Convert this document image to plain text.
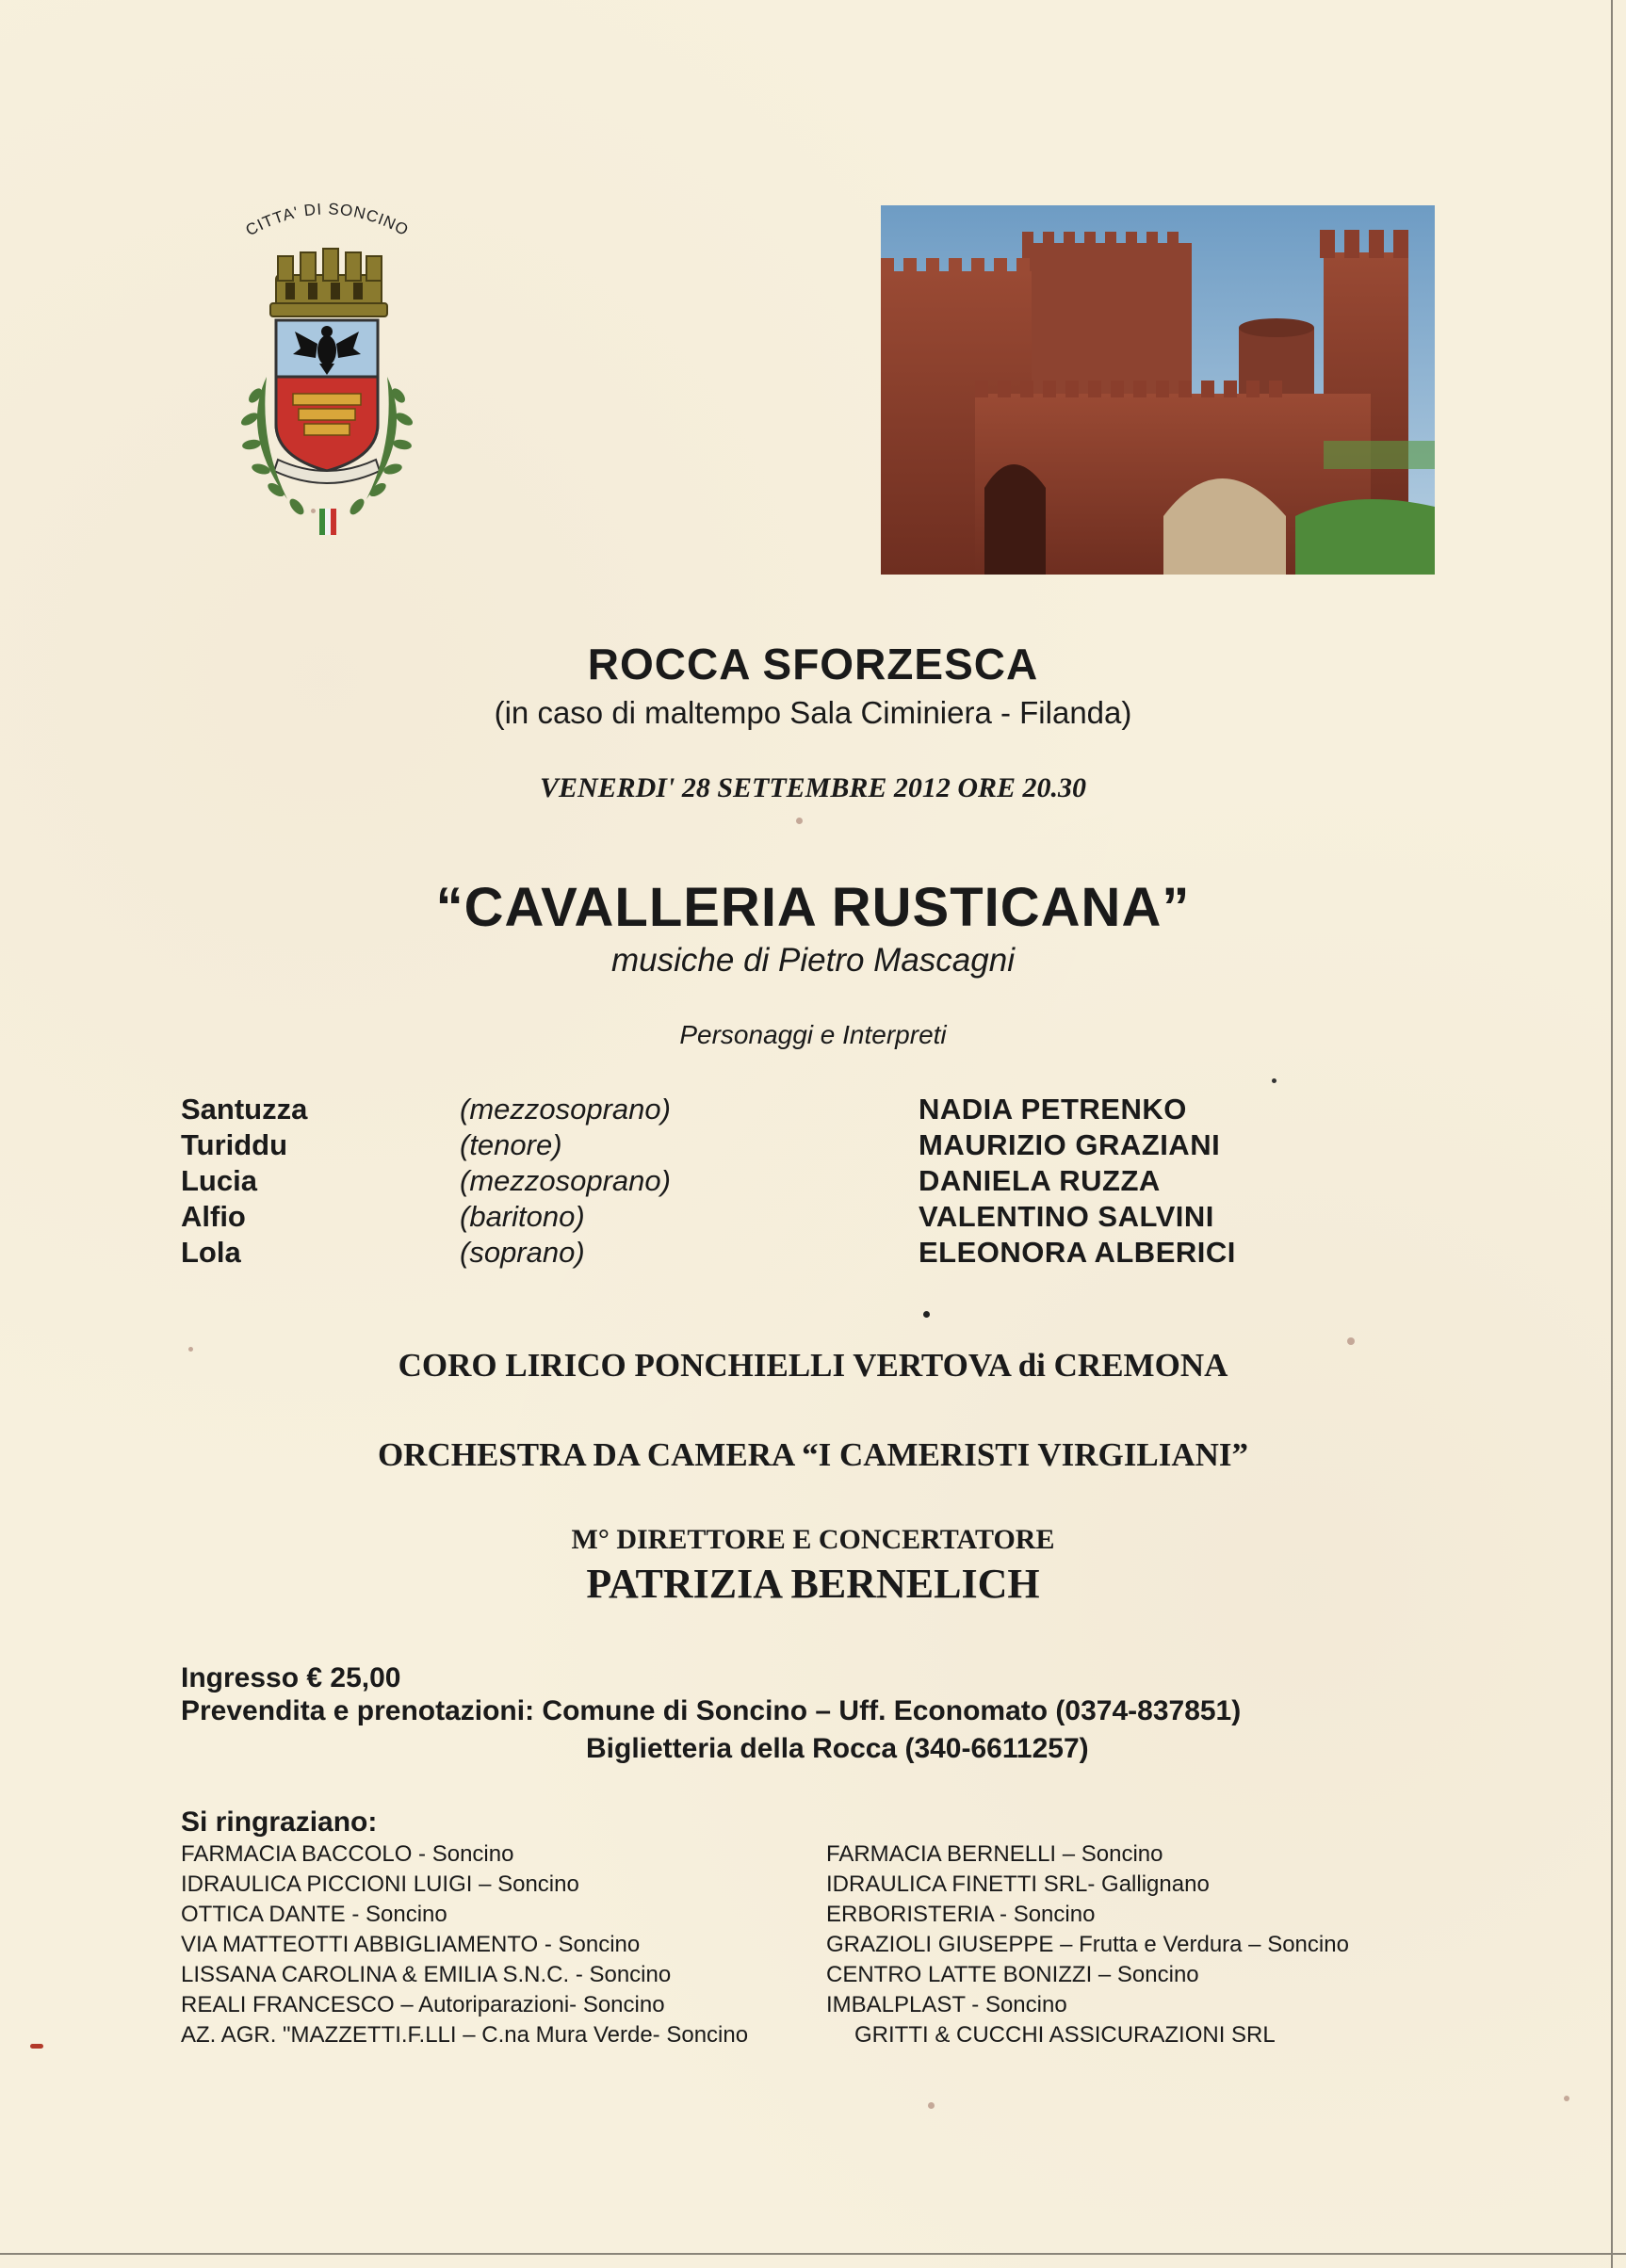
CITTA' DI SONCINO
ROCCA SFORZESCA
(in caso di maltempo Sala Ciminiera - Filanda)
VENERDI' 28 SETTEMBRE 2012 ORE 20.30
“CAVALLERIA RUSTICANA”
musiche di Pietro Mascagni
Personaggi e Interpreti
Santuzza	(mezzosoprano)	NADIA PETRENKO
Turiddu	(tenore)	MAURIZIO GRAZIANI
Lucia	(mezzosoprano)	DANIELA RUZZA
Alfio	(baritono)	VALENTINO SALVINI
Lola	(soprano)	ELEONORA ALBERICI
CORO LIRICO PONCHIELLI VERTOVA di CREMONA
ORCHESTRA DA CAMERA “I CAMERISTI VIRGILIANI”
M° DIRETTORE E CONCERTATORE
PATRIZIA BERNELICH
Ingresso € 25,00
Prevendita e prenotazioni: Comune di Soncino – Uff. Economato (0374-837851)
Biglietteria della Rocca (340-6611257)
Si ringraziano:
FARMACIA BACCOLO - Soncino
IDRAULICA PICCIONI LUIGI – Soncino
OTTICA DANTE - Soncino
VIA MATTEOTTI ABBIGLIAMENTO - Soncino
LISSANA CAROLINA & EMILIA S.N.C. - Soncino
REALI FRANCESCO – Autoriparazioni- Soncino
AZ. AGR. "MAZZETTI.F.LLI – C.na Mura Verde- Soncino
FARMACIA BERNELLI – Soncino
IDRAULICA FINETTI SRL- Gallignano
ERBORISTERIA - Soncino
GRAZIOLI GIUSEPPE – Frutta e Verdura – Soncino
CENTRO LATTE BONIZZI – Soncino
IMBALPLAST - Soncino
GRITTI & CUCCHI ASSICURAZIONI SRL
